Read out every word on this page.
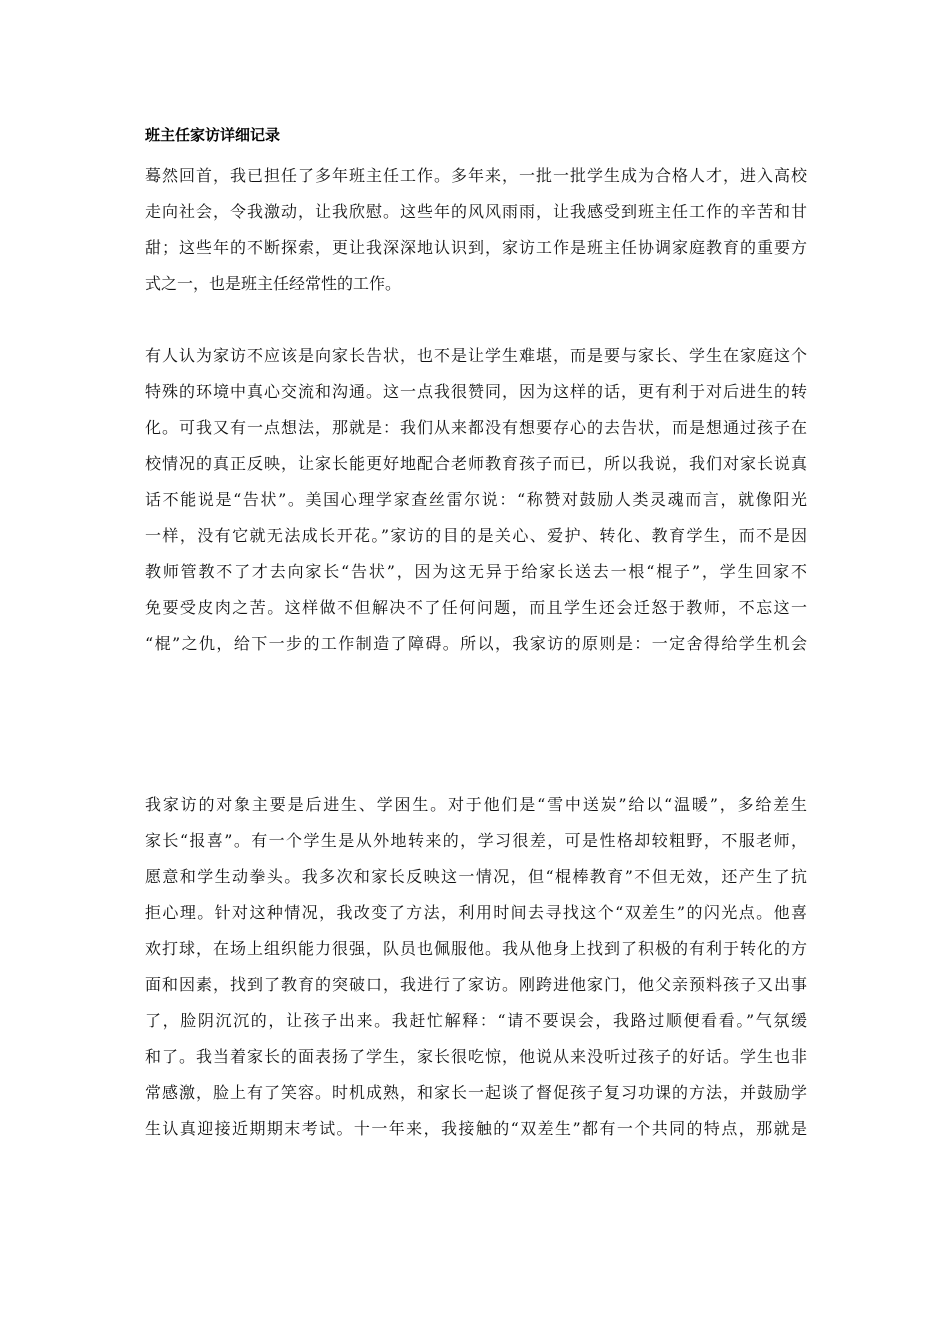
班主任家访详细记录
蓦然回首，我已担任了多年班主任工作。多年来，一批一批学生成为合格人才，进入高校
走向社会，令我激动，让我欣慰。这些年的风风雨雨，让我感受到班主任工作的辛苦和甘
甜；这些年的不断探索，更让我深深地认识到，家访工作是班主任协调家庭教育的重要方
式之一，也是班主任经常性的工作。
有人认为家访不应该是向家长告状，也不是让学生难堪，而是要与家长、学生在家庭这个
特殊的环境中真心交流和沟通。这一点我很赞同，因为这样的话，更有利于对后进生的转
化。可我又有一点想法，那就是：我们从来都没有想要存心的去告状，而是想通过孩子在
校情况的真正反映，让家长能更好地配合老师教育孩子而已，所以我说，我们对家长说真
话不能说是“告状”。美国心理学家查丝雷尔说：“称赞对鼓励人类灵魂而言，就像阳光
一样，没有它就无法成长开花。”家访的目的是关心、爱护、转化、教育学生，而不是因
教师管教不了才去向家长“告状”，因为这无异于给家长送去一根“棍子”，学生回家不
免要受皮肉之苦。这样做不但解决不了任何问题，而且学生还会迁怒于教师，不忘这一
“棍”之仇，给下一步的工作制造了障碍。所以，我家访的原则是：一定舍得给学生机会
我家访的对象主要是后进生、学困生。对于他们是“雪中送炭”给以“温暖”，多给差生
家长“报喜”。有一个学生是从外地转来的，学习很差，可是性格却较粗野，不服老师，
愿意和学生动拳头。我多次和家长反映这一情况，但“棍棒教育”不但无效，还产生了抗
拒心理。针对这种情况，我改变了方法，利用时间去寻找这个“双差生”的闪光点。他喜
欢打球，在场上组织能力很强，队员也佩服他。我从他身上找到了积极的有利于转化的方
面和因素，找到了教育的突破口，我进行了家访。刚跨进他家门，他父亲预料孩子又出事
了，脸阴沉沉的，让孩子出来。我赶忙解释：“请不要误会，我路过顺便看看。”气氛缓
和了。我当着家长的面表扬了学生，家长很吃惊，他说从来没听过孩子的好话。学生也非
常感激，脸上有了笑容。时机成熟，和家长一起谈了督促孩子复习功课的方法，并鼓励学
生认真迎接近期期末考试。十一年来，我接触的“双差生”都有一个共同的特点，那就是
